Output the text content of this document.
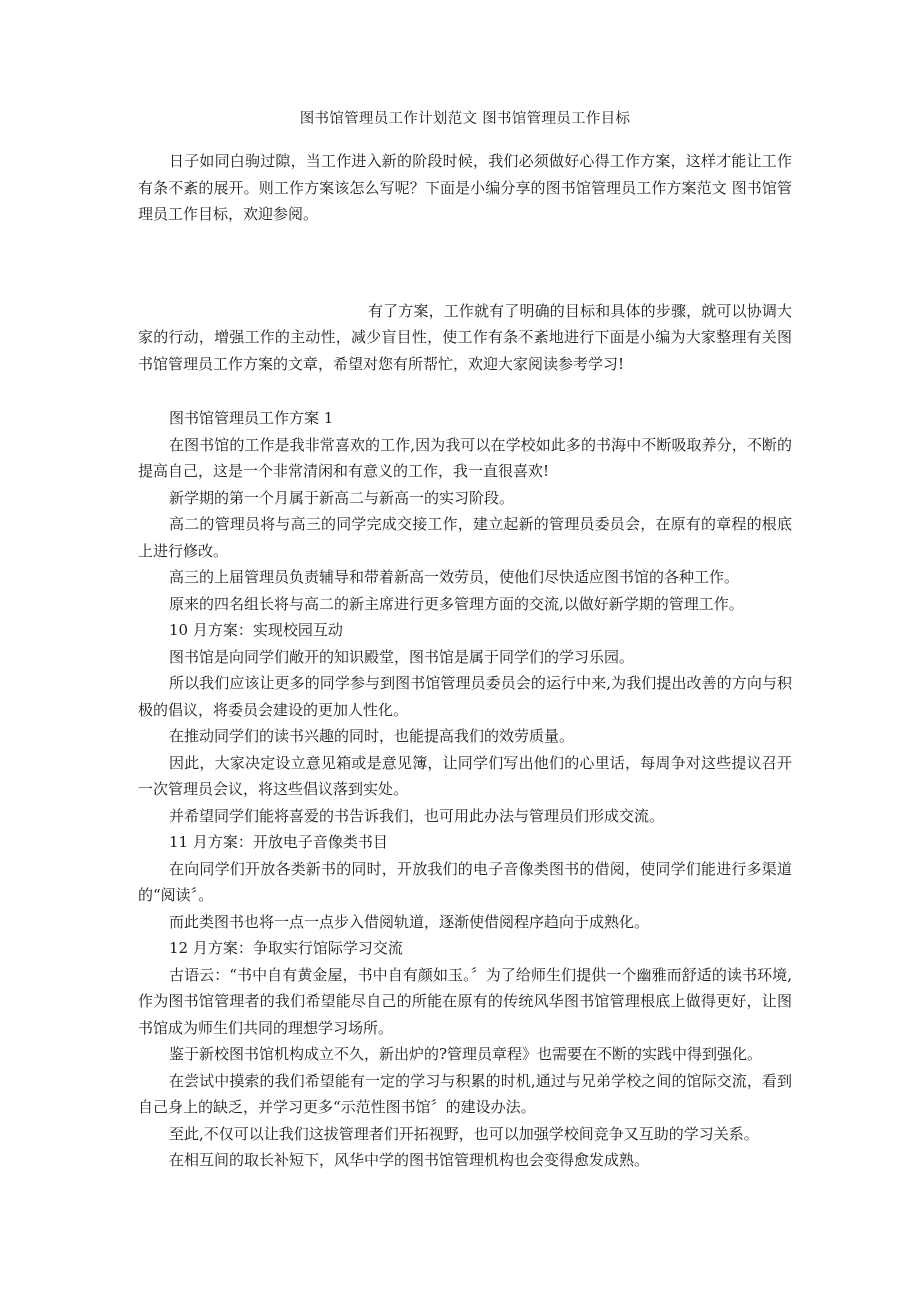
图书馆管理员工作计划范文 图书馆管理员工作目标

日子如同白驹过隙，当工作进入新的阶段时候，我们必须做好心得工作方案，这样才能让工作有条不紊的展开。则工作方案该怎么写呢？下面是小编分享的图书馆管理员工作方案范文 图书馆管理员工作目标，欢迎参阅。

有了方案，工作就有了明确的目标和具体的步骤，就可以协调大家的行动，增强工作的主动性，减少盲目性，使工作有条不紊地进行下面是小编为大家整理有关图书馆管理员工作方案的文章，希望对您有所帮忙，欢迎大家阅读参考学习!

图书馆管理员工作方案 1

在图书馆的工作是我非常喜欢的工作,因为我可以在学校如此多的书海中不断吸取养分，不断的提高自己，这是一个非常清闲和有意义的工作，我一直很喜欢!

新学期的第一个月属于新高二与新高一的实习阶段。

高二的管理员将与高三的同学完成交接工作，建立起新的管理员委员会，在原有的章程的根底上进行修改。

高三的上届管理员负责辅导和带着新高一效劳员，使他们尽快适应图书馆的各种工作。

原来的四名组长将与高二的新主席进行更多管理方面的交流,以做好新学期的管理工作。

10 月方案：实现校园互动

图书馆是向同学们敞开的知识殿堂，图书馆是属于同学们的学习乐园。

所以我们应该让更多的同学参与到图书馆管理员委员会的运行中来,为我们提出改善的方向与积极的倡议，将委员会建设的更加人性化。

在推动同学们的读书兴趣的同时，也能提高我们的效劳质量。

因此，大家决定设立意见箱或是意见簿，让同学们写出他们的心里话，每周争对这些提议召开一次管理员会议，将这些倡议落到实处。

并希望同学们能将喜爱的书告诉我们，也可用此办法与管理员们形成交流。

11 月方案：开放电子音像类书目

在向同学们开放各类新书的同时，开放我们的电子音像类图书的借阅，使同学们能进行多渠道的“阅读〞。

而此类图书也将一点一点步入借阅轨道，逐渐使借阅程序趋向于成熟化。

12 月方案：争取实行馆际学习交流

古语云：“书中自有黄金屋，书中自有颜如玉。〞为了给师生们提供一个幽雅而舒适的读书环境,作为图书馆管理者的我们希望能尽自己的所能在原有的传统风华图书馆管理根底上做得更好，让图书馆成为师生们共同的理想学习场所。

鉴于新校图书馆机构成立不久，新出炉的?管理员章程》也需要在不断的实践中得到强化。

在尝试中摸索的我们希望能有一定的学习与积累的时机,通过与兄弟学校之间的馆际交流，看到自己身上的缺乏，并学习更多“示范性图书馆〞的建设办法。

至此,不仅可以让我们这拔管理者们开拓视野，也可以加强学校间竞争又互助的学习关系。

在相互间的取长补短下，风华中学的图书馆管理机构也会变得愈发成熟。
